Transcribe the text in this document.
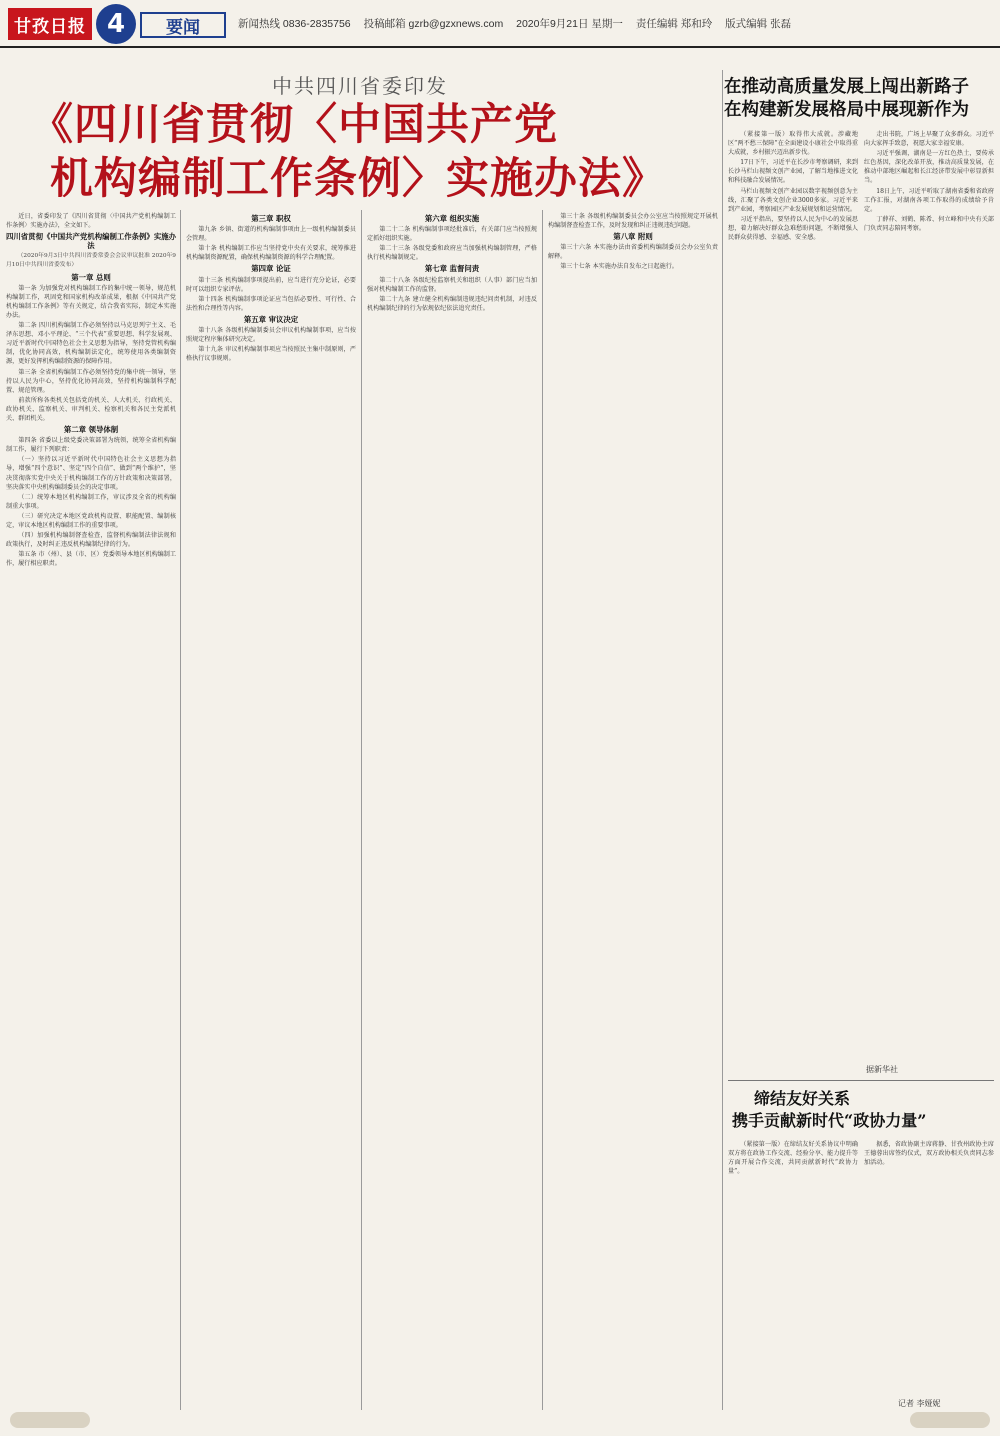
甘孜日报 4	要闻	新闻热线 0836-2835756 投稿邮箱 gzrb@gzxnews.com 2020年9月21日 星期一 责任编辑 郑和玲 版式编辑 张磊
中共四川省委印发
《四川省贯彻〈中国共产党
机构编制工作条例〉实施办法》
在推动高质量发展上闯出新路子
在构建新发展格局中展现新作为

近日，省委印发了《四川省贯彻〈中国共产党机构编制工作条例〉实施办法》，全文如下。

四川省贯彻《中国共产党机构编制工作条例》实施办法

（2020年9月3日中共四川省委常委会会议审议批准 2020年9月10日中共四川省委发布）

第一章 总则

第一条 为加强党对机构编制工作的集中统一领导，规范机构编制工作，巩固党和国家机构改革成果，根据《中国共产党机构编制工作条例》等有关规定，结合我省实际，制定本实施办法。

第二条 四川机构编制工作必须坚持以马克思列宁主义、毛泽东思想、邓小平理论、“三个代表”重要思想、科学发展观、习近平新时代中国特色社会主义思想为指导，坚持党管机构编制，优化协同高效，机构编制法定化，统筹使用各类编制资源，更好发挥机构编制资源的保障作用。

第三条 全省机构编制工作必须坚持党的集中统一领导，坚持以人民为中心，坚持优化协同高效，坚持机构编制科学配置、规范管理。

前款所称各类机关包括党的机关、人大机关、行政机关、政协机关、监察机关、审判机关、检察机关和各民主党派机关、群团机关。

第二章 领导体制

第四条 省委以上级党委决策部署为统领，统筹全省机构编制工作，履行下列职责：

（一）坚持以习近平新时代中国特色社会主义思想为指导，增强“四个意识”、坚定“四个自信”、做到“两个维护”，坚决贯彻落实党中央关于机构编制工作的方针政策和决策部署，坚决落实中央机构编制委员会的决定事项。

（二）统筹本地区机构编制工作，审议涉及全省的机构编制重大事项。

（三）研究决定本地区党政机构设置、职能配置、编制核定，审议本地区机构编制工作的重要事项。

（四）加强机构编制督查检查，监督机构编制法律法规和政策执行，及时纠正违反机构编制纪律的行为。

第五条 市（州）、县（市、区）党委领导本地区机构编制工作，履行相应职责。

第三章 职权

第九条 乡镇、街道的机构编制事项由上一级机构编制委员会管理。

第十条 机构编制工作应当坚持党中央有关要求，统筹推进机构编制资源配置，确保机构编制资源的科学合理配置。

第四章 论证

第十三条 机构编制事项提出前，应当进行充分论证，必要时可以组织专家评估。

第十四条 机构编制事项论证应当包括必要性、可行性、合法性和合理性等内容。

第五章 审议决定

第十八条 各级机构编制委员会审议机构编制事项，应当按照规定程序集体研究决定。

第十九条 审议机构编制事项应当按照民主集中制原则，严格执行议事规则。

第六章 组织实施

第二十二条 机构编制事项经批准后，有关部门应当按照规定抓好组织实施。

第二十三条 各级党委和政府应当加强机构编制管理，严格执行机构编制规定。

第七章 监督问责

第二十八条 各级纪检监察机关和组织（人事）部门应当加强对机构编制工作的监督。

第二十九条 建立健全机构编制违规违纪问责机制，对违反机构编制纪律的行为依规依纪依法追究责任。

第三十条 各级机构编制委员会办公室应当按照规定开展机构编制督查检查工作，及时发现和纠正违规违纪问题。

第八章 附则

第三十六条 本实施办法由省委机构编制委员会办公室负责解释。

第三十七条 本实施办法自发布之日起施行。

（紧接第一版）取得伟大成就。涉藏地区“两不愁三保障”在全面建设小康社会中取得重大成就，乡村振兴迈出新步伐。

17日下午，习近平在长沙市考察调研，来到长沙马栏山视频文创产业园，了解当地推进文化和科技融合发展情况。

马栏山视频文创产业园以数字视频创意为主线，汇聚了各类文创企业3000多家。习近平来到产业园，考察园区产业发展规划和运营情况。

习近平指出，要坚持以人民为中心的发展思想，着力解决好群众急难愁盼问题，不断增强人民群众获得感、幸福感、安全感。

走出书院，广场上早聚了众多群众。习近平向大家挥手致意，祝愿大家幸福安康。

习近平强调，湖南是一方红色热土，要传承红色基因，深化改革开放，推动高质量发展，在推动中部地区崛起和长江经济带发展中彰显新担当。

18日上午，习近平听取了湖南省委和省政府工作汇报，对湖南各项工作取得的成绩给予肯定。

丁薛祥、刘鹤、陈希、何立峰和中央有关部门负责同志陪同考察。

据新华社
缔结友好关系
携手贡献新时代“政协力量”

（紧接第一版）在缔结友好关系协议中明确双方将在政协工作交流、经验分享、能力提升等方面开展合作交流，共同贡献新时代“政协力量”。

据悉，省政协副主席蒋静、甘孜州政协主席王德蓉出席签约仪式，双方政协相关负责同志参加活动。

记者 李娅妮
